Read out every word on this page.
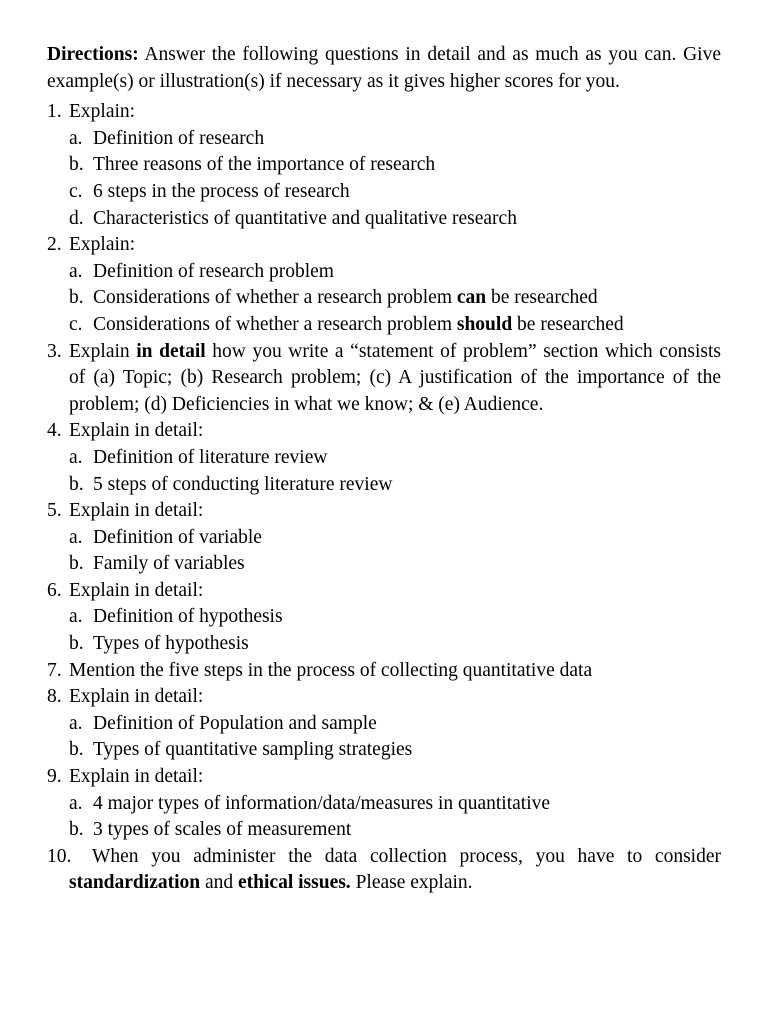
Directions: Answer the following questions in detail and as much as you can. Give example(s) or illustration(s) if necessary as it gives higher scores for you.

1. Explain:
a. Definition of research
b. Three reasons of the importance of research
c. 6 steps in the process of research
d. Characteristics of quantitative and qualitative research
2. Explain:
a. Definition of research problem
b. Considerations of whether a research problem can be researched
c. Considerations of whether a research problem should be researched
3. Explain in detail how you write a “statement of problem” section which consists of (a) Topic; (b) Research problem; (c) A justification of the importance of the problem; (d) Deficiencies in what we know; & (e) Audience.
4. Explain in detail:
a. Definition of literature review
b. 5 steps of conducting literature review
5. Explain in detail:
a. Definition of variable
b. Family of variables
6. Explain in detail:
a. Definition of hypothesis
b. Types of hypothesis
7. Mention the five steps in the process of collecting quantitative data
8. Explain in detail:
a. Definition of Population and sample
b. Types of quantitative sampling strategies
9. Explain in detail:
a. 4 major types of information/data/measures in quantitative
b. 3 types of scales of measurement
10.	When you administer the data collection process, you have to consider standardization and ethical issues. Please explain.
